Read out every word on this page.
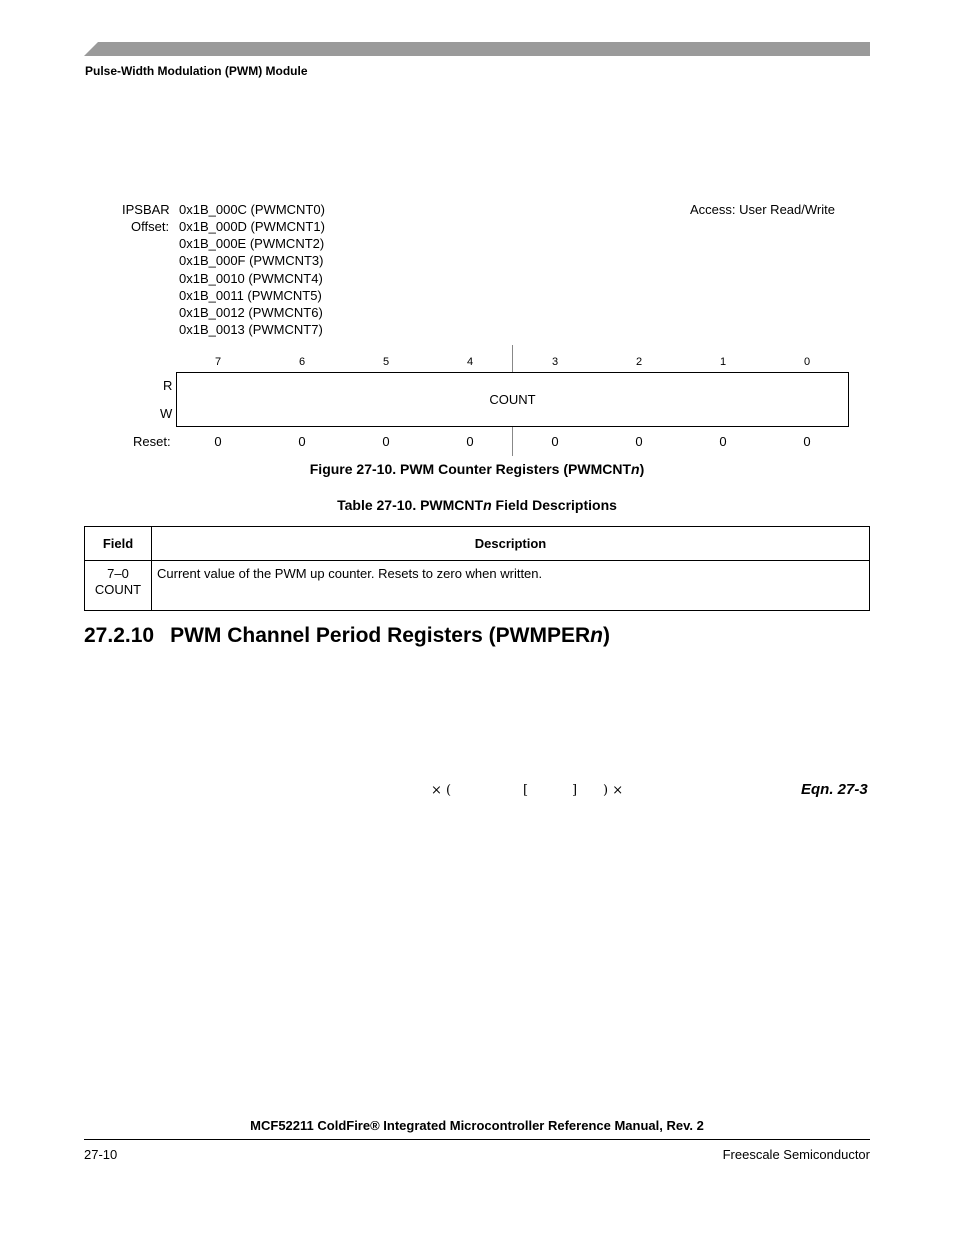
Pulse-Width Modulation (PWM) Module
IPSBAR
Offset:
0x1B_000C (PWMCNT0)
0x1B_000D (PWMCNT1)
0x1B_000E (PWMCNT2)
0x1B_000F (PWMCNT3)
0x1B_0010 (PWMCNT4)
0x1B_0011 (PWMCNT5)
0x1B_0012 (PWMCNT6)
0x1B_0013 (PWMCNT7)
Access: User Read/Write
7	6	5	4	3	2	1	0
R
W
COUNT
Reset:	0	0	0	0	0	0	0	0
Figure 27-10. PWM Counter Registers (PWMCNTn)
Table 27-10. PWMCNTn Field Descriptions
Field	Description

7–0
COUNT	Current value of the PWM up counter. Resets to zero when written.
27.2.10 PWM Channel Period Registers (PWMPERn)
× (	[	] ) ×	Eqn. 27-3
MCF52211 ColdFire® Integrated Microcontroller Reference Manual, Rev. 2
27-10	Freescale Semiconductor
